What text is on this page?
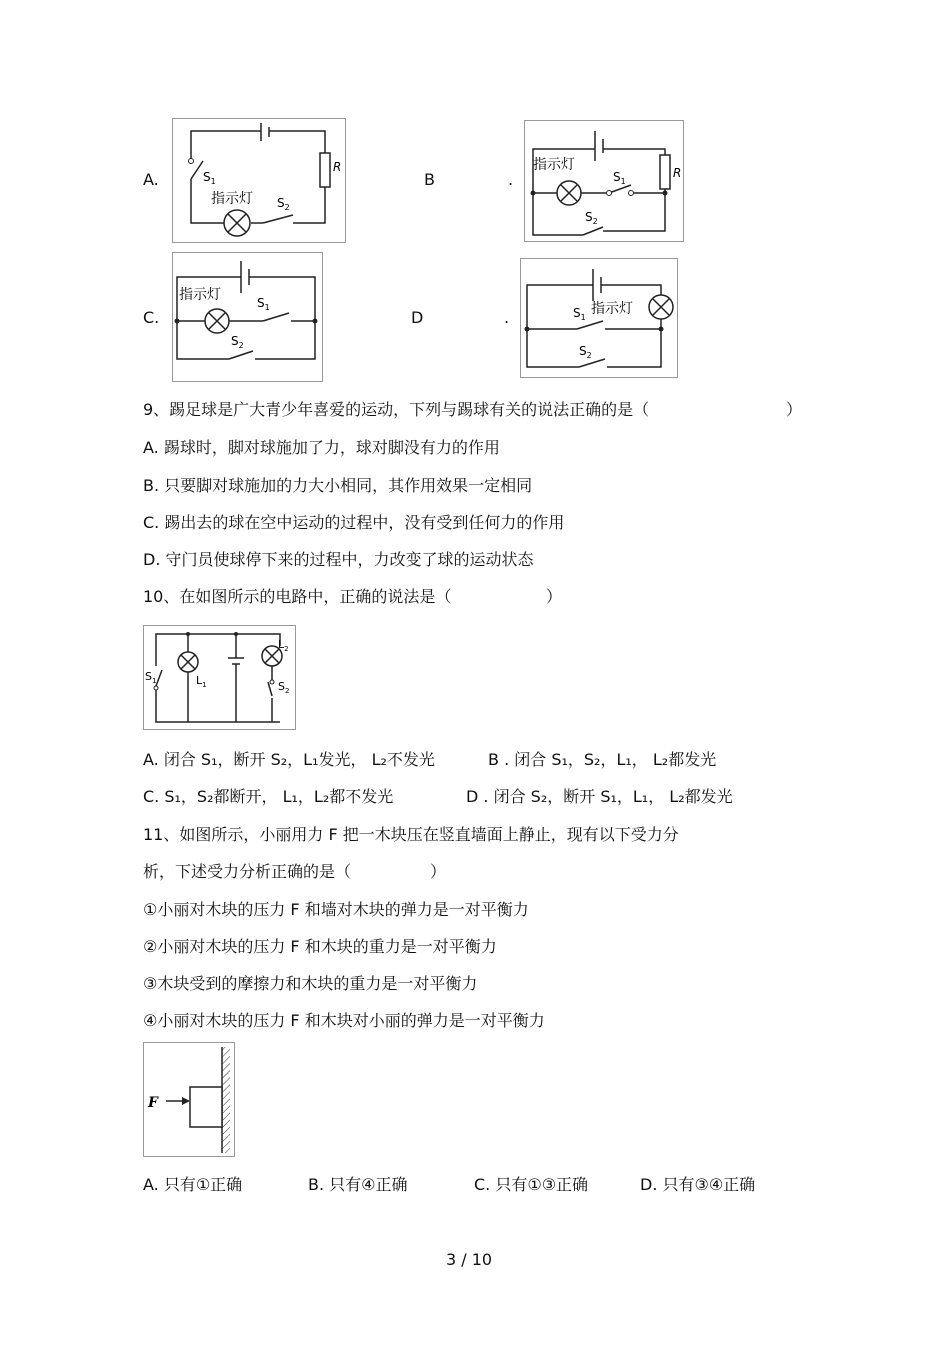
A.	$S_1$
$S_2$
R
指示灯
B	.
指示灯
$S_1$
$S_2$
R
C.
指示灯	$S_1$
$S_2$
D	.	指示灯
$S_1$
$S_2$
9、踢足球是广大青少年喜爱的运动，下列与踢球有关的说法正确的是（	）
A. 踢球时，脚对球施加了力，球对脚没有力的作用
B. 只要脚对球施加的力大小相同，其作用效果一定相同
C. 踢出去的球在空中运动的过程中，没有受到任何力的作用
D. 守门员使球停下来的过程中，力改变了球的运动状态
10、在如图所示的电路中，正确的说法是（	）
$S_1$	$L_1$
$L_2$
$S_2$
A. 闭合 S₁，断开 S₂，L₁发光， L₂不发光	B . 闭合 S₁，S₂，L₁， L₂都发光
C. S₁，S₂都断开， L₁，L₂都不发光	D . 闭合 S₂，断开 S₁，L₁， L₂都发光
11、如图所示，小丽用力 F 把一木块压在竖直墙面上静止，现有以下受力分
析，下述受力分析正确的是（	）
①小丽对木块的压力 F 和墙对木块的弹力是一对平衡力
②小丽对木块的压力 F 和木块的重力是一对平衡力
③木块受到的摩擦力和木块的重力是一对平衡力
④小丽对木块的压力 F 和木块对小丽的弹力是一对平衡力
F
A. 只有①正确	B. 只有④正确	C. 只有①③正确	D. 只有③④正确
3 / 10
